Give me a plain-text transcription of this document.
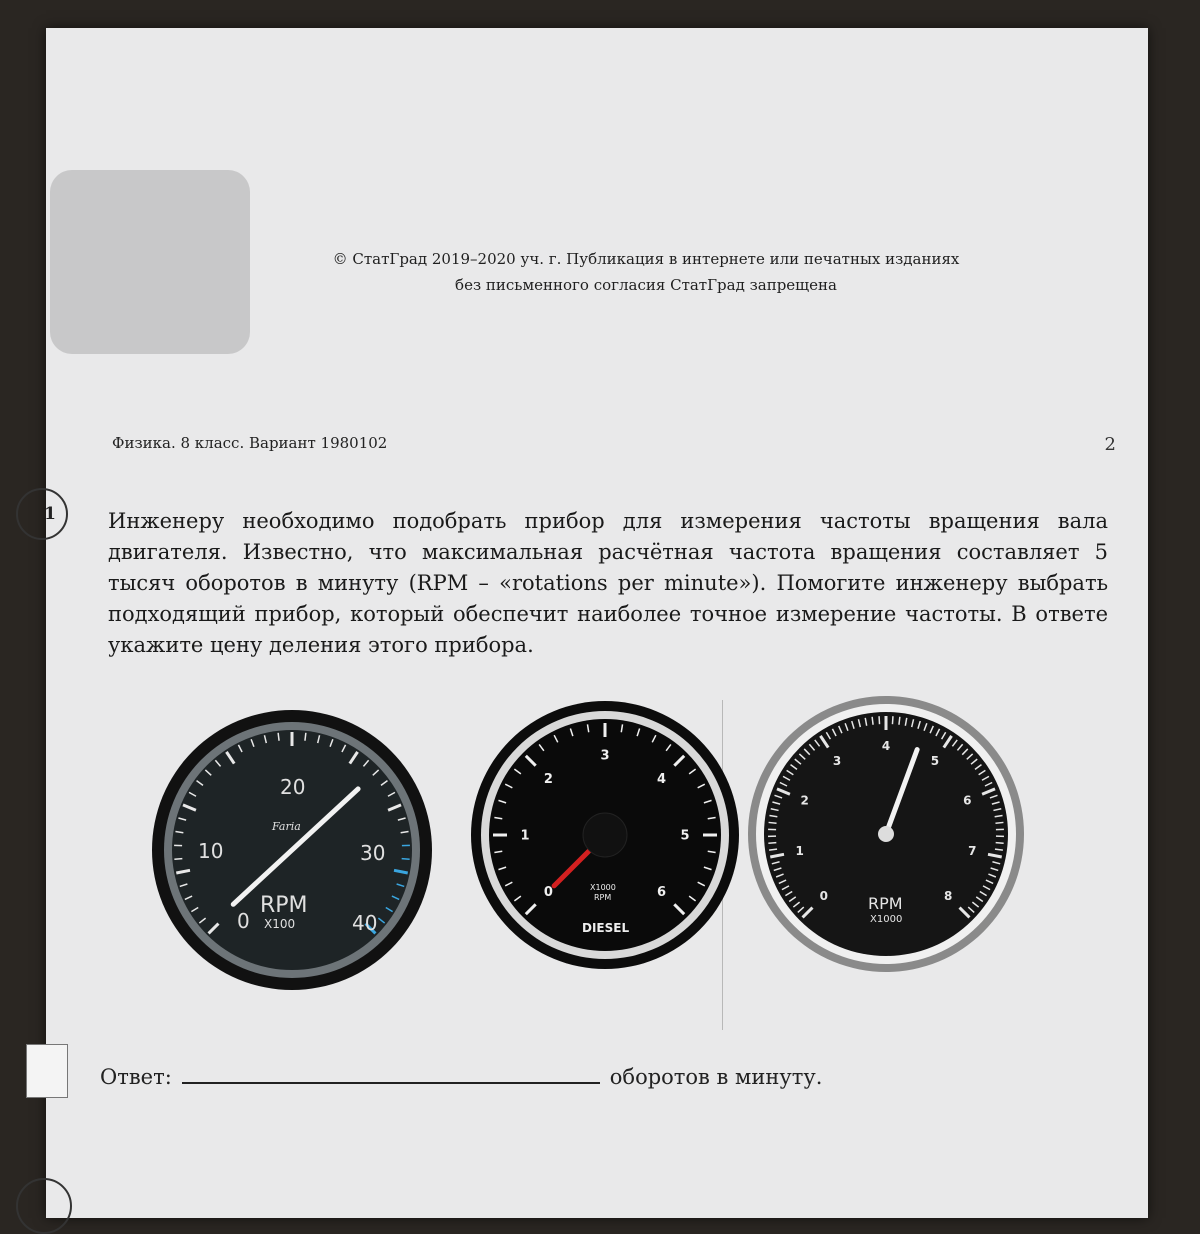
© СтатГрад 2019–2020 уч. г. Публикация в интернете или печатных изданиях
без письменного согласия СтатГрад запрещена
Физика. 8 класс. Вариант 1980102	2
1 Инженеру необходимо подобрать прибор для измерения частоты вращения вала двигателя. Известно, что максимальная расчётная частота вращения составляет 5 тысяч оборотов в минуту (RPM – «rotations per minute»). Помогите инженеру выбрать подходящий прибор, который обеспечит наиболее точное измерение частоты. В ответе укажите цену деления этого прибора.
Ответ:	оборотов в минуту.
0
10
20
30
40
Faria
RPM
X100
0
1
2
3
4
5
6
X1000
RPM
DIESEL
0
1
2
3
4
5
6
7
8
RPM
X1000
